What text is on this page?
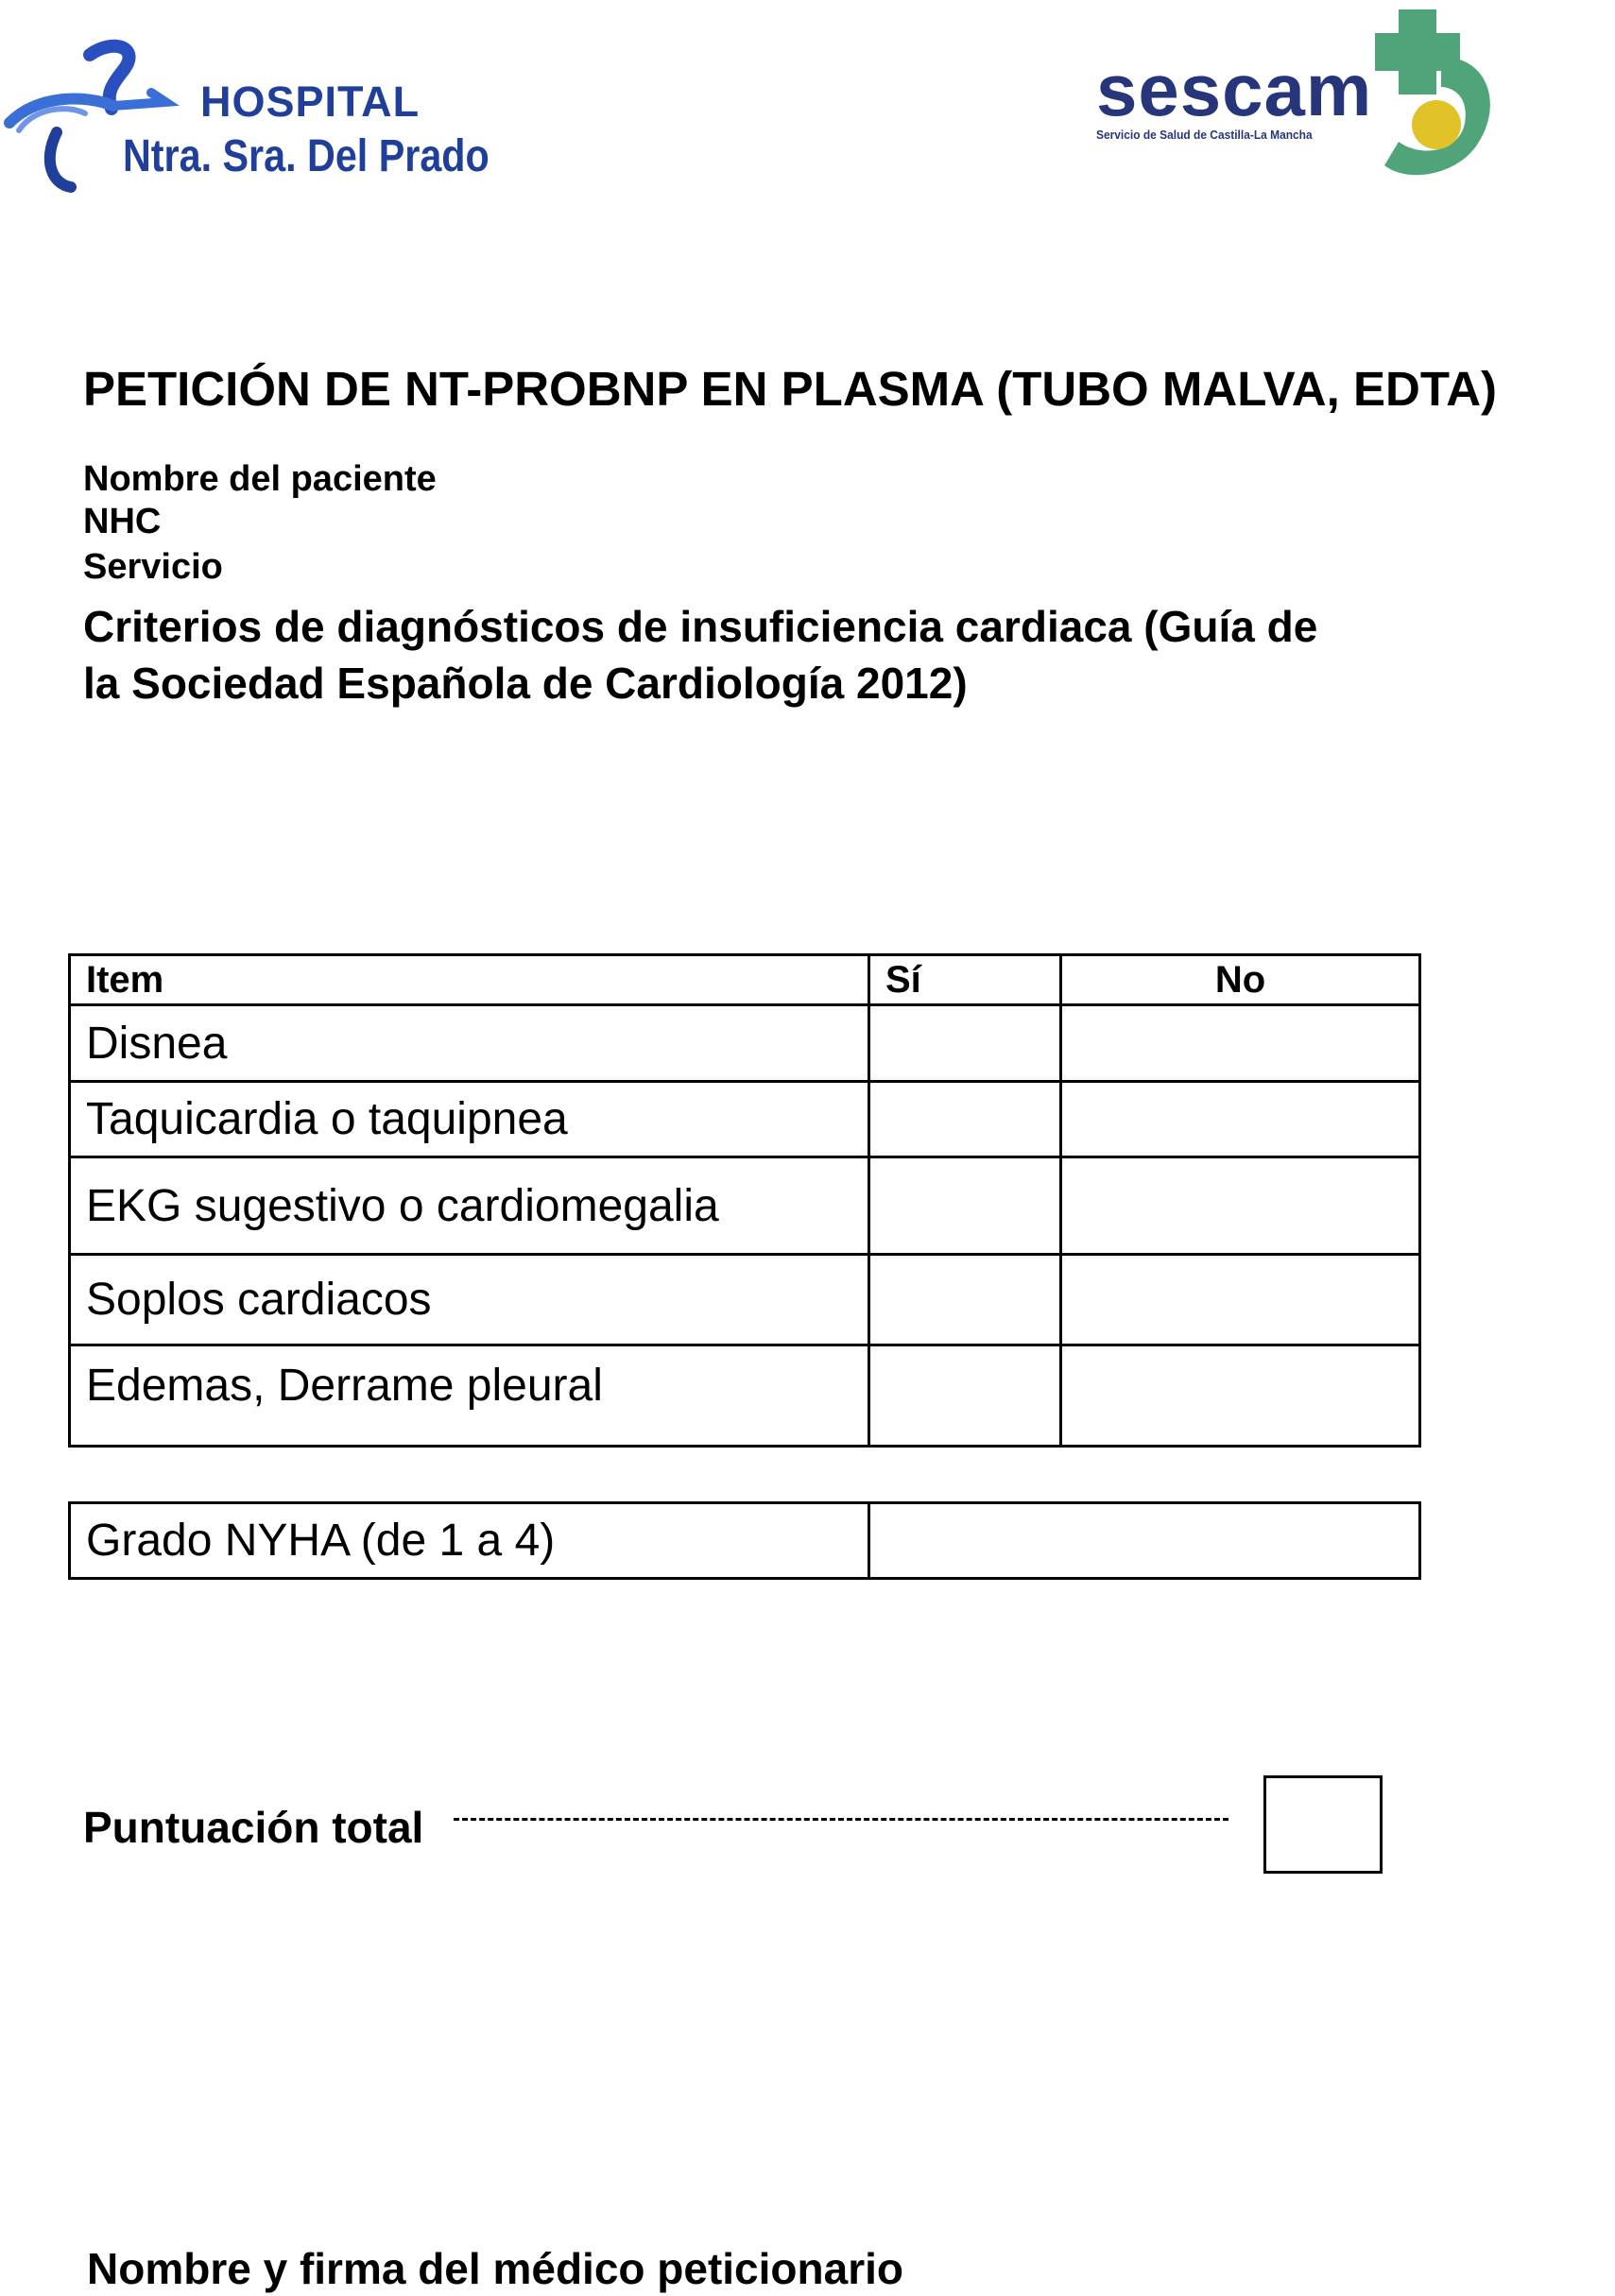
HOSPITAL
Ntra. Sra. Del Prado
sescam
Servicio de Salud de Castilla-La Mancha
PETICIÓN DE NT-PROBNP EN PLASMA (TUBO MALVA, EDTA)
Nombre del paciente
NHC
Servicio
Criterios de diagnósticos de insuficiencia cardiaca (Guía de
la Sociedad Española de Cardiología 2012)
Item	Sí	No
Disnea		
Taquicardia o taquipnea		
EKG sugestivo o cardiomegalia		
Soplos cardiacos		
Edemas, Derrame pleural		
Grado NYHA (de 1 a 4)	
Puntuación total
Nombre y firma del médico peticionario
